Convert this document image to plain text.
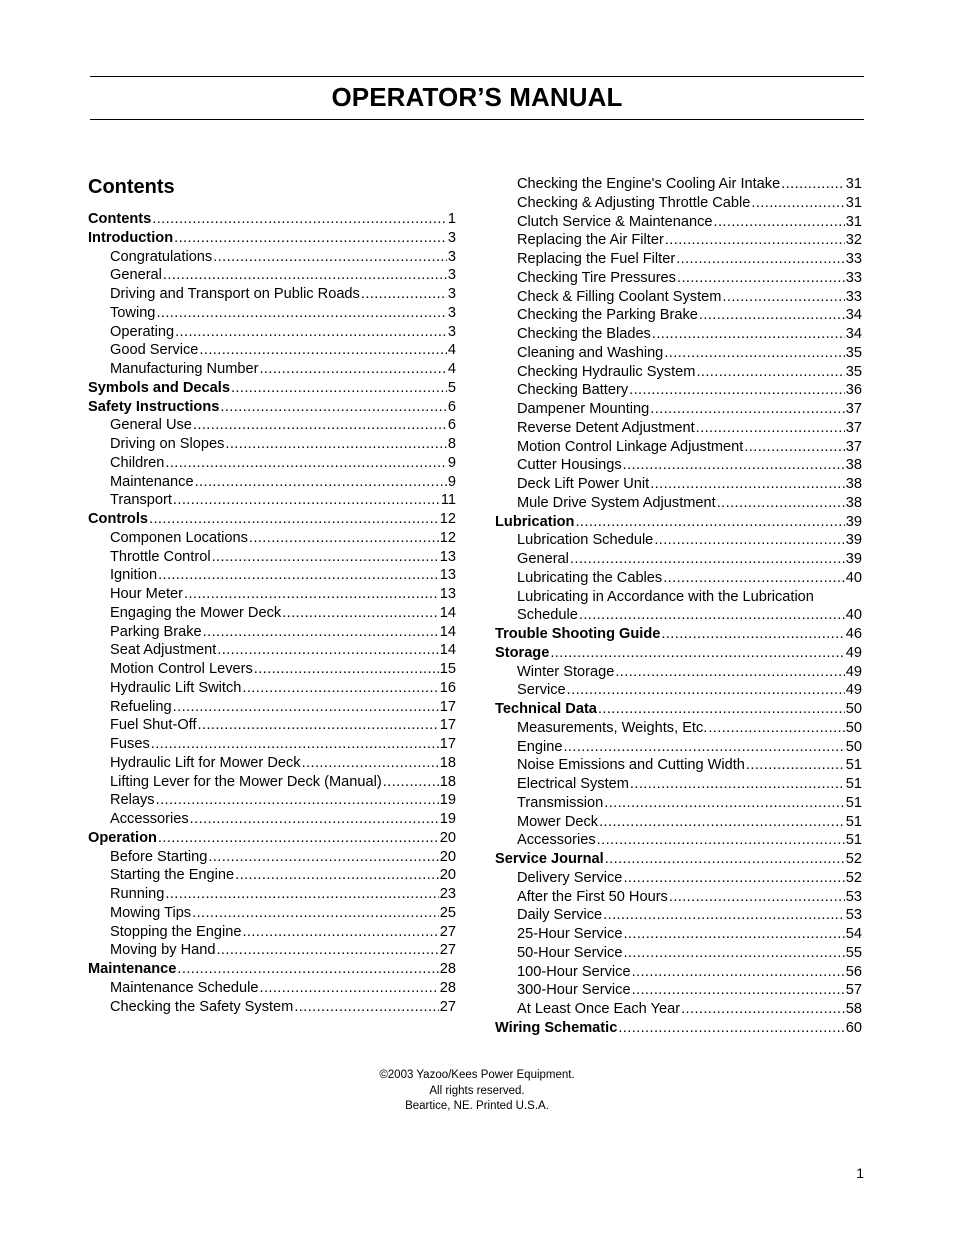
OPERATOR’S MANUAL
Contents
Contents .....	1
Introduction .....	3
Congratulations .....	3
General .....	3
Driving and Transport on Public Roads .....	3
Towing .....	3
Operating .....	3
Good Service .....	4
Manufacturing Number .....	4
Symbols and Decals .....	5
Safety Instructions .....	6
General Use .....	6
Driving on Slopes .....	8
Children .....	9
Maintenance .....	9
Transport .....	11
Controls .....	12
Componen Locations .....	12
Throttle Control .....	13
Ignition .....	13
Hour Meter .....	13
Engaging the Mower Deck .....	14
Parking Brake .....	14
Seat Adjustment .....	14
Motion Control Levers .....	15
Hydraulic Lift Switch .....	16
Refueling .....	17
Fuel Shut-Off .....	17
Fuses .....	17
Hydraulic Lift for Mower Deck .....	18
Lifting Lever for the Mower Deck (Manual) .....	18
Relays .....	19
Accessories .....	19
Operation .....	20
Before Starting .....	20
Starting the Engine .....	20
Running .....	23
Mowing Tips .....	25
Stopping the Engine .....	27
Moving by Hand .....	27
Maintenance .....	28
Maintenance Schedule .....	28
Checking the Safety System .....	27
Checking the Engine's Cooling Air Intake .....	31
Checking & Adjusting Throttle Cable .....	31
Clutch Service & Maintenance .....	31
Replacing the Air Filter .....	32
Replacing the Fuel Filter .....	33
Checking Tire Pressures .....	33
Check & Filling Coolant System .....	33
Checking the Parking Brake .....	34
Checking the Blades .....	34
Cleaning and Washing .....	35
Checking Hydraulic System .....	35
Checking Battery .....	36
Dampener Mounting .....	37
Reverse Detent Adjustment .....	37
Motion Control Linkage Adjustment .....	37
Cutter Housings .....	38
Deck Lift Power Unit .....	38
Mule Drive System Adjustment .....	38
Lubrication .....	39
Lubrication Schedule .....	39
General .....	39
Lubricating the Cables .....	40
Lubricating in Accordance with the Lubrication
Schedule .....	40
Trouble Shooting Guide .....	46
Storage .....	49
Winter Storage .....	49
Service .....	49
Technical Data .....	50
Measurements, Weights, Etc. .....	50
Engine .....	50
Noise Emissions and Cutting Width .....	51
Electrical System .....	51
Transmission .....	51
Mower Deck .....	51
Accessories .....	51
Service Journal .....	52
Delivery Service .....	52
After the First 50 Hours .....	53
Daily Service .....	53
25-Hour Service .....	54
50-Hour Service .....	55
100-Hour Service .....	56
300-Hour Service .....	57
At Least Once Each Year .....	58
Wiring Schematic .....	60
©2003 Yazoo/Kees Power Equipment.
All rights reserved.
Beartice, NE. Printed U.S.A.
1
